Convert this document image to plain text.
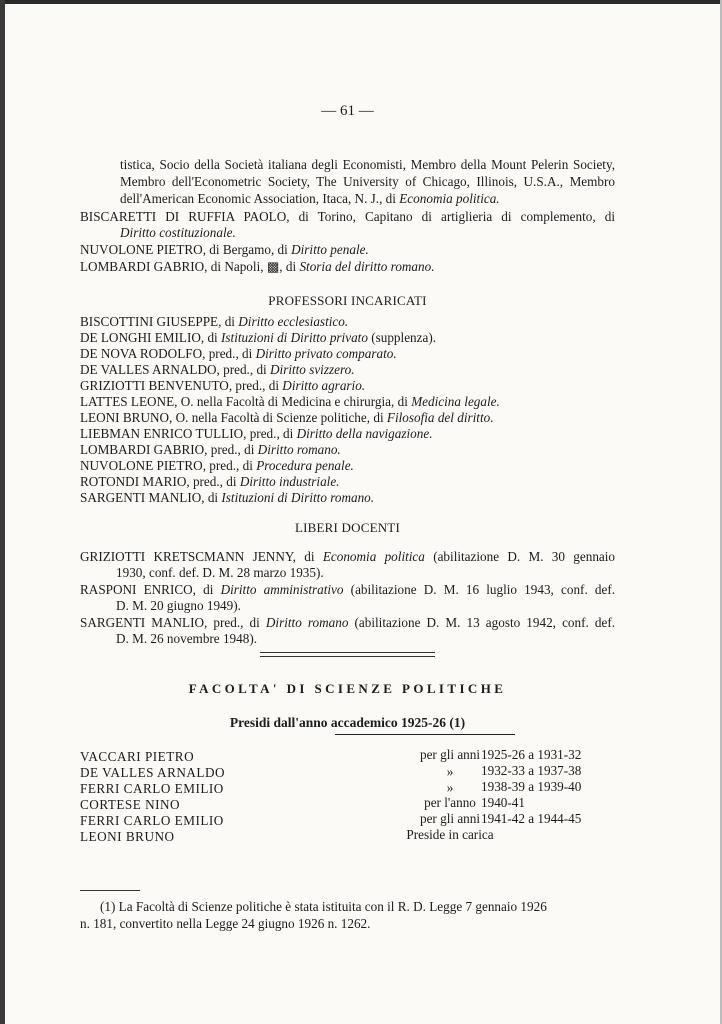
— 61 —
tistica, Socio della Società italiana degli Economisti, Membro della Mount Pelerin Society,
Membro dell'Econometric Society, The University of Chicago, Illinois, U.S.A., Membro
dell'American Economic Association, Itaca, N. J., di Economia politica.
BISCARETTI DI RUFFIA PAOLO, di Torino, Capitano di artiglieria di complemento, di
Diritto costituzionale.
NUVOLONE PIETRO, di Bergamo, di Diritto penale.
LOMBARDI GABRIO, di Napoli, ▩, di Storia del diritto romano.
PROFESSORI INCARICATI
BISCOTTINI GIUSEPPE, di Diritto ecclesiastico.
DE LONGHI EMILIO, di Istituzioni di Diritto privato (supplenza).
DE NOVA RODOLFO, pred., di Diritto privato comparato.
DE VALLES ARNALDO, pred., di Diritto svizzero.
GRIZIOTTI BENVENUTO, pred., di Diritto agrario.
LATTES LEONE, O. nella Facoltà di Medicina e chirurgia, di Medicina legale.
LEONI BRUNO, O. nella Facoltà di Scienze politiche, di Filosofia del diritto.
LIEBMAN ENRICO TULLIO, pred., di Diritto della navigazione.
LOMBARDI GABRIO, pred., di Diritto romano.
NUVOLONE PIETRO, pred., di Procedura penale.
ROTONDI MARIO, pred., di Diritto industriale.
SARGENTI MANLIO, di Istituzioni di Diritto romano.
LIBERI DOCENTI
GRIZIOTTI KRETSCMANN JENNY, di Economia politica (abilitazione D. M. 30 gennaio
1930, conf. def. D. M. 28 marzo 1935).
RASPONI ENRICO, di Diritto amministrativo (abilitazione D. M. 16 luglio 1943, conf. def.
D. M. 20 giugno 1949).
SARGENTI MANLIO, pred., di Diritto romano (abilitazione D. M. 13 agosto 1942, conf. def.
D. M. 26 novembre 1948).
FACOLTA' DI SCIENZE POLITICHE
Presidi dall'anno accademico 1925-26 (1)
VACCARI PIETRO	per gli anni 1925-26 a 1931-32
DE VALLES ARNALDO	»	1932-33 a 1937-38
FERRI CARLO EMILIO	»	1938-39 a 1939-40
CORTESE NINO	per l'anno 1940-41
FERRI CARLO EMILIO	per gli anni 1941-42 a 1944-45
LEONI BRUNO	Preside in carica
(1) La Facoltà di Scienze politiche è stata istituita con il R. D. Legge 7 gennaio 1926
n. 181, convertito nella Legge 24 giugno 1926 n. 1262.
